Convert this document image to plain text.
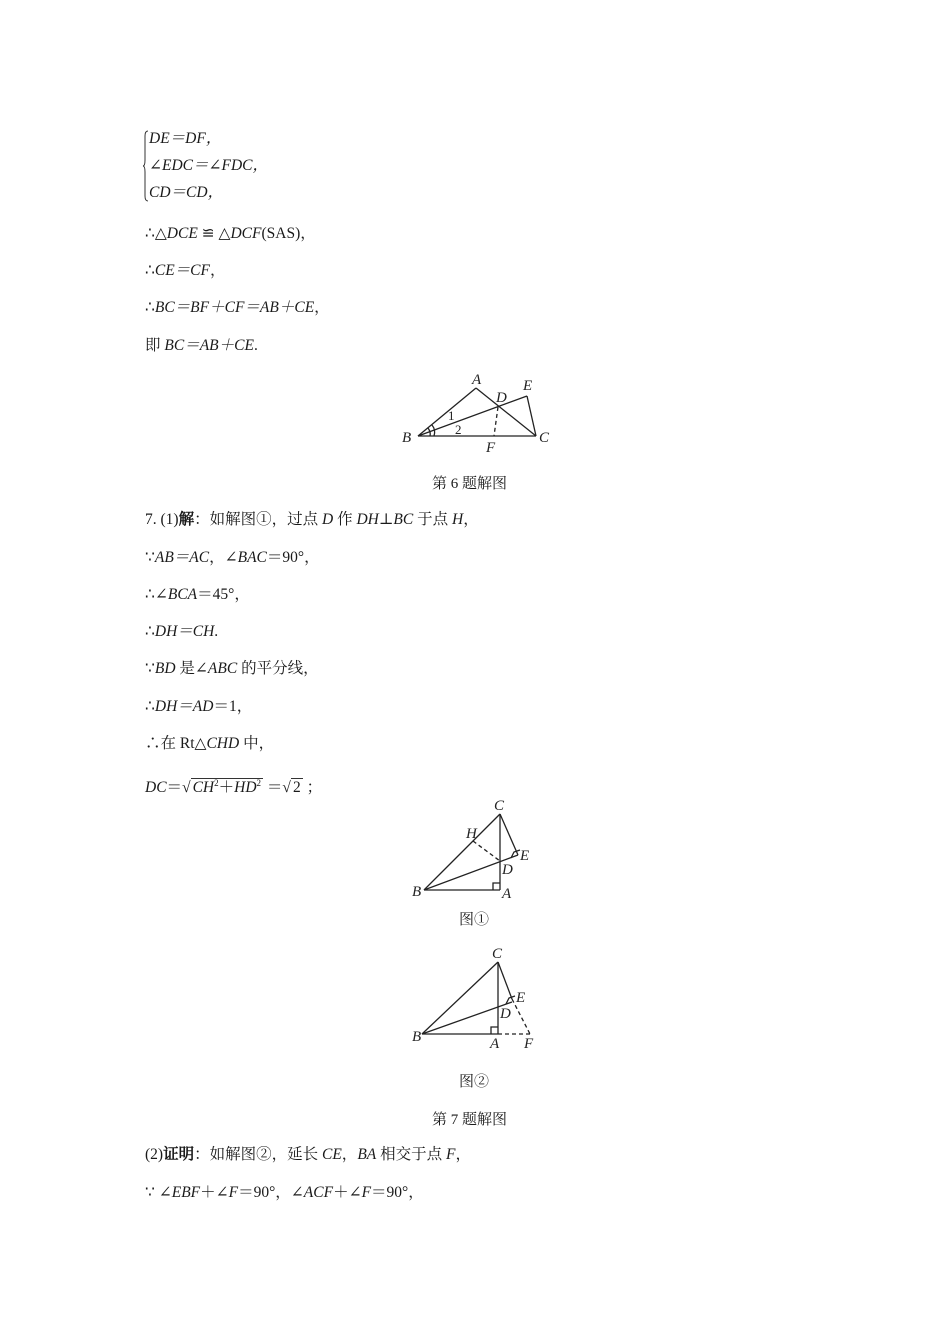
DE＝DF，
∠EDC＝∠FDC，
CD＝CD，
∴△DCE ≌ △DCF(SAS)，
∴CE＝CF，
∴BC＝BF＋CF＝AB＋CE，
即 BC＝AB＋CE.
A
B	C
D
E
F
1
2
第 6 题解图
7. (1)解：如解图①，过点 D 作 DH⊥BC 于点 H，
∵AB＝AC，∠BAC＝90°，
∴∠BCA＝45°，
∴DH＝CH.
∵BD 是∠ABC 的平分线，
∴DH＝AD＝1，
∴在 Rt△CHD 中，
DC＝√ $CH^2+HD^2$ ＝√ 2 ；
C
H
E
D
B	A
图①
C
E
D
B	A F
图②
第 7 题解图
(2)证明：如解图②，延长 CE，BA 相交于点 F，
∵ ∠EBF＋∠F＝90°，∠ACF＋∠F＝90°，
